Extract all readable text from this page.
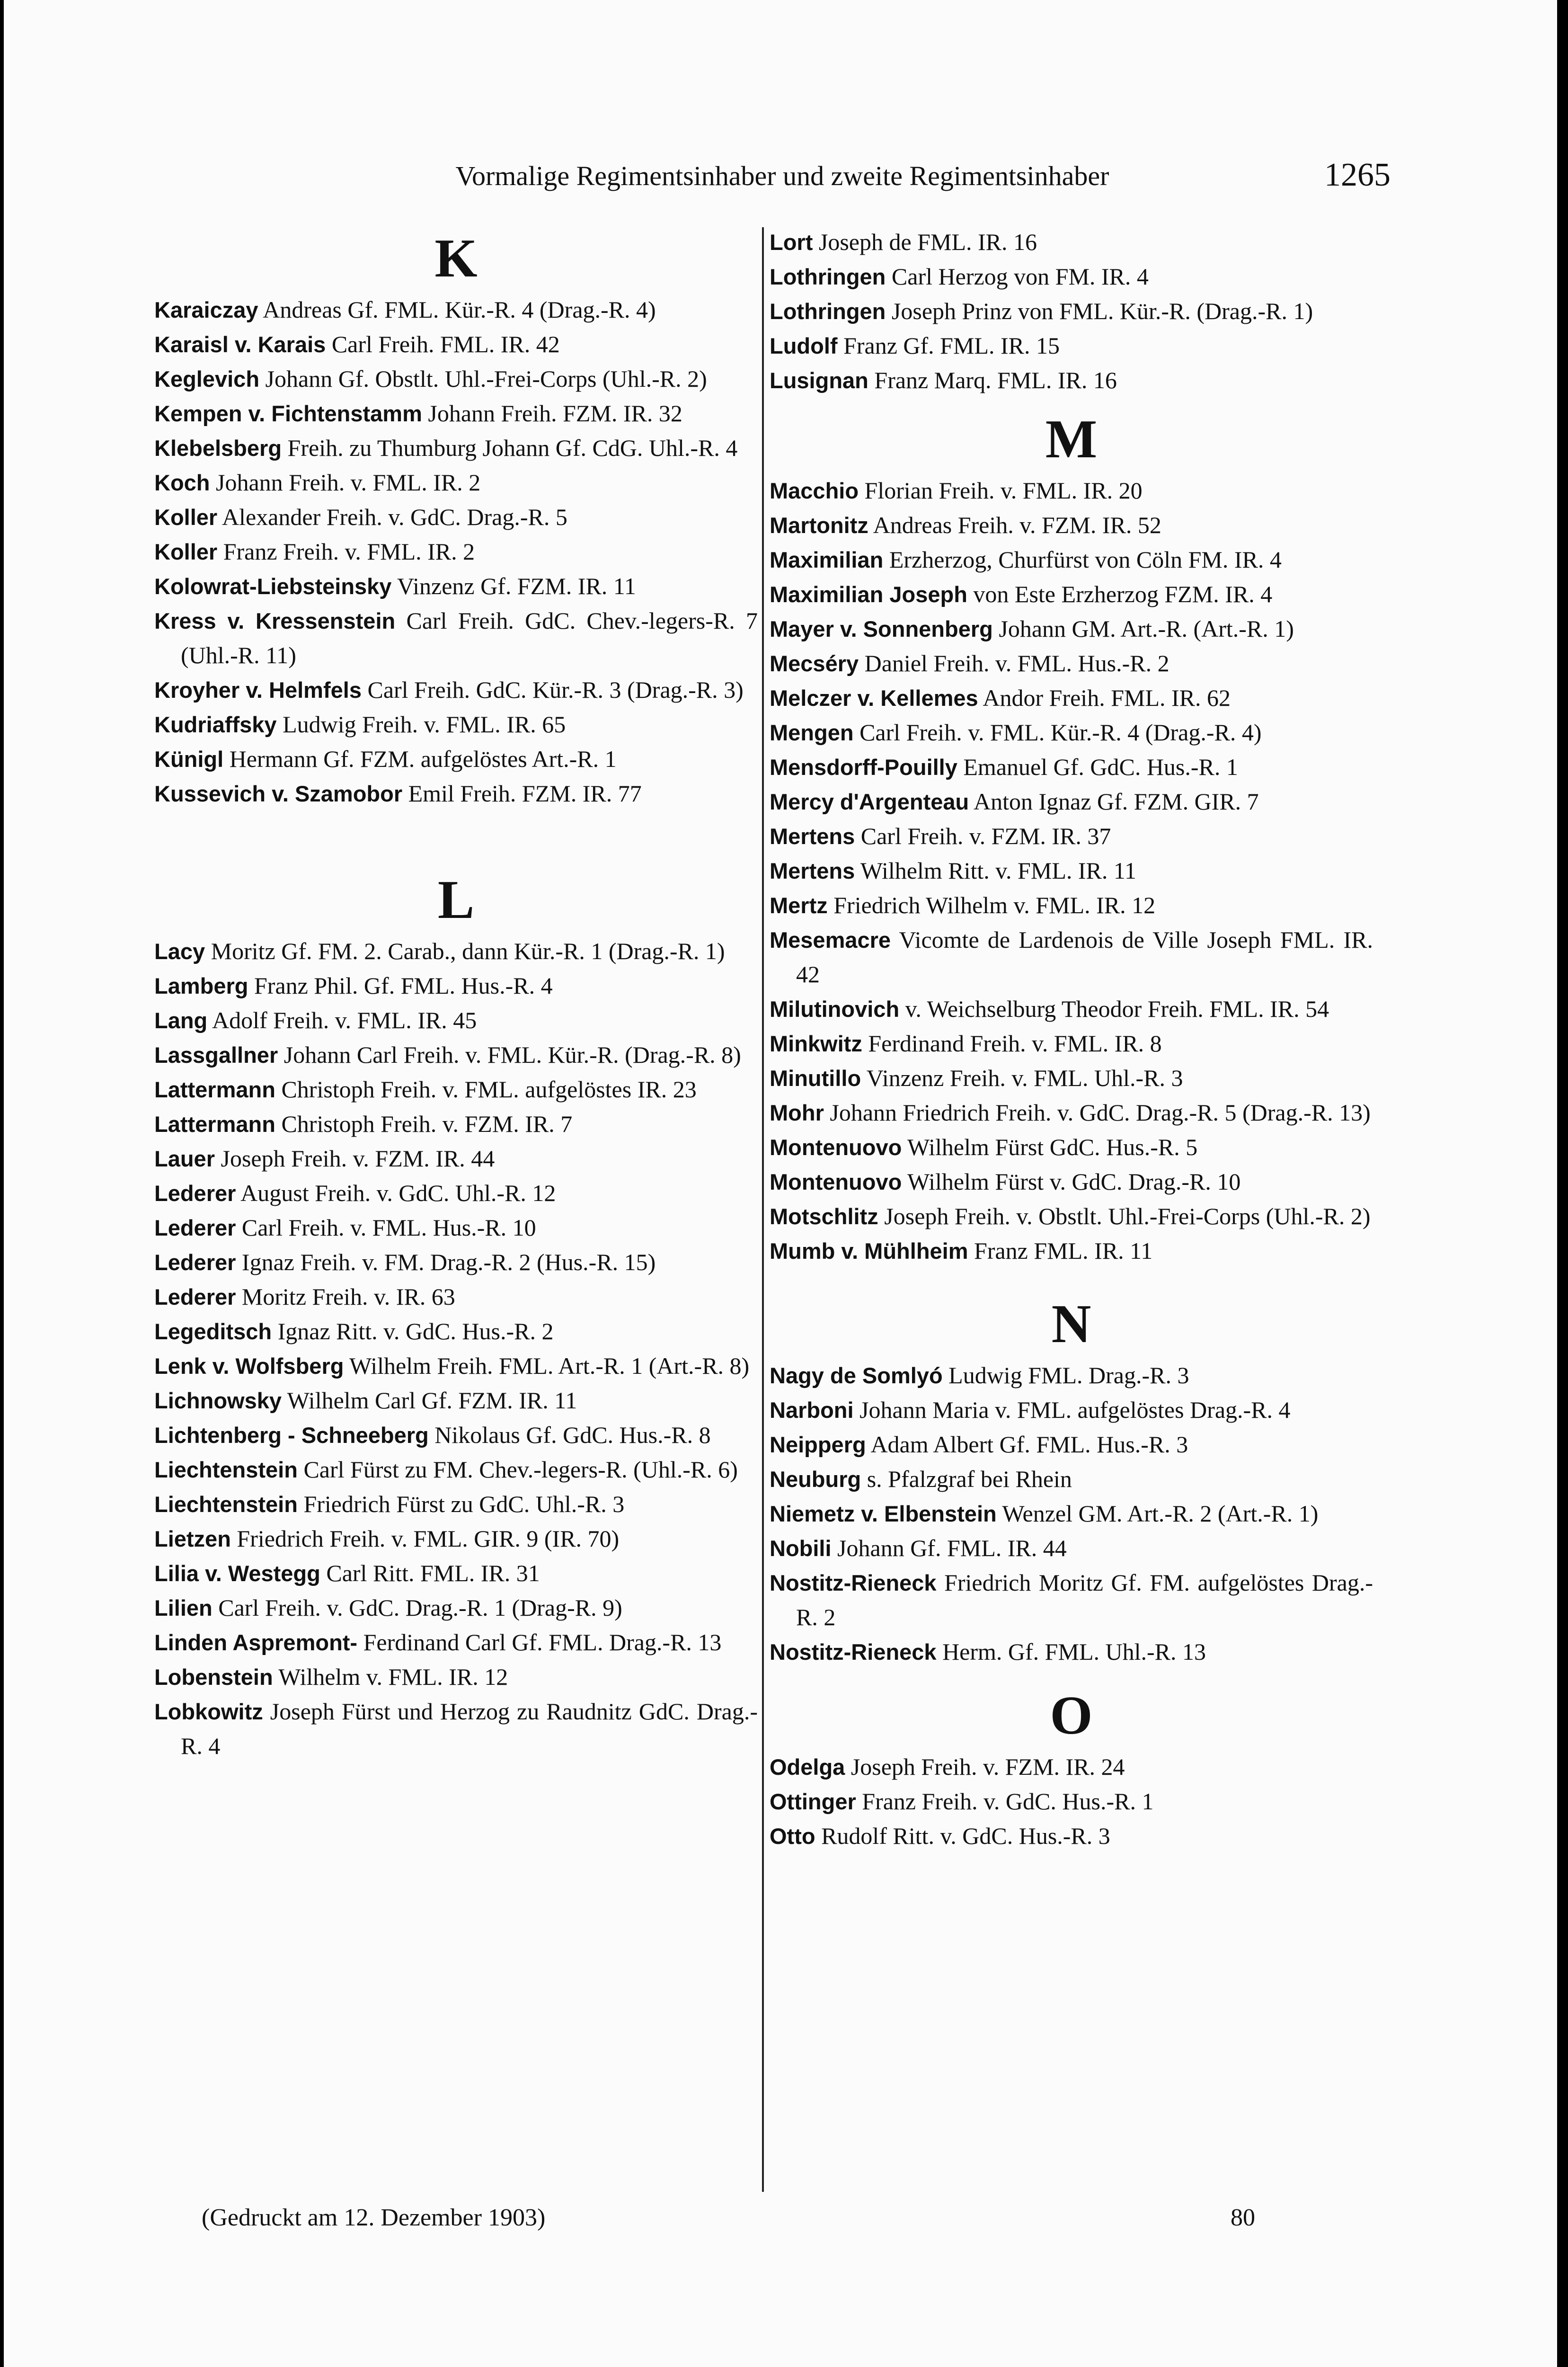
Vormalige Regimentsinhaber und zweite Regimentsinhaber	1265
K
Karaiczay Andreas Gf. FML. Kür.-R. 4 (Drag.-R. 4)
Karaisl v. Karais Carl Freih. FML. IR. 42
Keglevich Johann Gf. Obstlt. Uhl.-Frei-Corps (Uhl.-R. 2)
Kempen v. Fichtenstamm Johann Freih. FZM. IR. 32
Klebelsberg Freih. zu Thumburg Johann Gf. CdG. Uhl.-R. 4
Koch Johann Freih. v. FML. IR. 2
Koller Alexander Freih. v. GdC. Drag.-R. 5
Koller Franz Freih. v. FML. IR. 2
Kolowrat-Liebsteinsky Vinzenz Gf. FZM. IR. 11
Kress v. Kressenstein Carl Freih. GdC. Chev.-legers-R. 7 (Uhl.-R. 11)
Kroyher v. Helmfels Carl Freih. GdC. Kür.-R. 3 (Drag.-R. 3)
Kudriaffsky Ludwig Freih. v. FML. IR. 65
Künigl Hermann Gf. FZM. aufgelöstes Art.-R. 1
Kussevich v. Szamobor Emil Freih. FZM. IR. 77
L
Lacy Moritz Gf. FM. 2. Carab., dann Kür.-R. 1 (Drag.-R. 1)
Lamberg Franz Phil. Gf. FML. Hus.-R. 4
Lang Adolf Freih. v. FML. IR. 45
Lassgallner Johann Carl Freih. v. FML. Kür.-R. (Drag.-R. 8)
Lattermann Christoph Freih. v. FML. aufgelöstes IR. 23
Lattermann Christoph Freih. v. FZM. IR. 7
Lauer Joseph Freih. v. FZM. IR. 44
Lederer August Freih. v. GdC. Uhl.-R. 12
Lederer Carl Freih. v. FML. Hus.-R. 10
Lederer Ignaz Freih. v. FM. Drag.-R. 2 (Hus.-R. 15)
Lederer Moritz Freih. v. IR. 63
Legeditsch Ignaz Ritt. v. GdC. Hus.-R. 2
Lenk v. Wolfsberg Wilhelm Freih. FML. Art.-R. 1 (Art.-R. 8)
Lichnowsky Wilhelm Carl Gf. FZM. IR. 11
Lichtenberg - Schneeberg Nikolaus Gf. GdC. Hus.-R. 8
Liechtenstein Carl Fürst zu FM. Chev.-legers-R. (Uhl.-R. 6)
Liechtenstein Friedrich Fürst zu GdC. Uhl.-R. 3
Lietzen Friedrich Freih. v. FML. GIR. 9 (IR. 70)
Lilia v. Westegg Carl Ritt. FML. IR. 31
Lilien Carl Freih. v. GdC. Drag.-R. 1 (Drag-R. 9)
Linden Aspremont- Ferdinand Carl Gf. FML. Drag.-R. 13
Lobenstein Wilhelm v. FML. IR. 12
Lobkowitz Joseph Fürst und Herzog zu Raudnitz GdC. Drag.-R. 4
Lort Joseph de FML. IR. 16
Lothringen Carl Herzog von FM. IR. 4
Lothringen Joseph Prinz von FML. Kür.-R. (Drag.-R. 1)
Ludolf Franz Gf. FML. IR. 15
Lusignan Franz Marq. FML. IR. 16
M
Macchio Florian Freih. v. FML. IR. 20
Martonitz Andreas Freih. v. FZM. IR. 52
Maximilian Erzherzog, Churfürst von Cöln FM. IR. 4
Maximilian Joseph von Este Erzherzog FZM. IR. 4
Mayer v. Sonnenberg Johann GM. Art.-R. (Art.-R. 1)
Mecséry Daniel Freih. v. FML. Hus.-R. 2
Melczer v. Kellemes Andor Freih. FML. IR. 62
Mengen Carl Freih. v. FML. Kür.-R. 4 (Drag.-R. 4)
Mensdorff-Pouilly Emanuel Gf. GdC. Hus.-R. 1
Mercy d'Argenteau Anton Ignaz Gf. FZM. GIR. 7
Mertens Carl Freih. v. FZM. IR. 37
Mertens Wilhelm Ritt. v. FML. IR. 11
Mertz Friedrich Wilhelm v. FML. IR. 12
Mesemacre Vicomte de Lardenois de Ville Joseph FML. IR. 42
Milutinovich v. Weichselburg Theodor Freih. FML. IR. 54
Minkwitz Ferdinand Freih. v. FML. IR. 8
Minutillo Vinzenz Freih. v. FML. Uhl.-R. 3
Mohr Johann Friedrich Freih. v. GdC. Drag.-R. 5 (Drag.-R. 13)
Montenuovo Wilhelm Fürst GdC. Hus.-R. 5
Montenuovo Wilhelm Fürst v. GdC. Drag.-R. 10
Motschlitz Joseph Freih. v. Obstlt. Uhl.-Frei-Corps (Uhl.-R. 2)
Mumb v. Mühlheim Franz FML. IR. 11
N
Nagy de Somlyó Ludwig FML. Drag.-R. 3
Narboni Johann Maria v. FML. aufgelöstes Drag.-R. 4
Neipperg Adam Albert Gf. FML. Hus.-R. 3
Neuburg s. Pfalzgraf bei Rhein
Niemetz v. Elbenstein Wenzel GM. Art.-R. 2 (Art.-R. 1)
Nobili Johann Gf. FML. IR. 44
Nostitz-Rieneck Friedrich Moritz Gf. FM. aufgelöstes Drag.-R. 2
Nostitz-Rieneck Herm. Gf. FML. Uhl.-R. 13
O
Odelga Joseph Freih. v. FZM. IR. 24
Ottinger Franz Freih. v. GdC. Hus.-R. 1
Otto Rudolf Ritt. v. GdC. Hus.-R. 3
(Gedruckt am 12. Dezember 1903)	80
